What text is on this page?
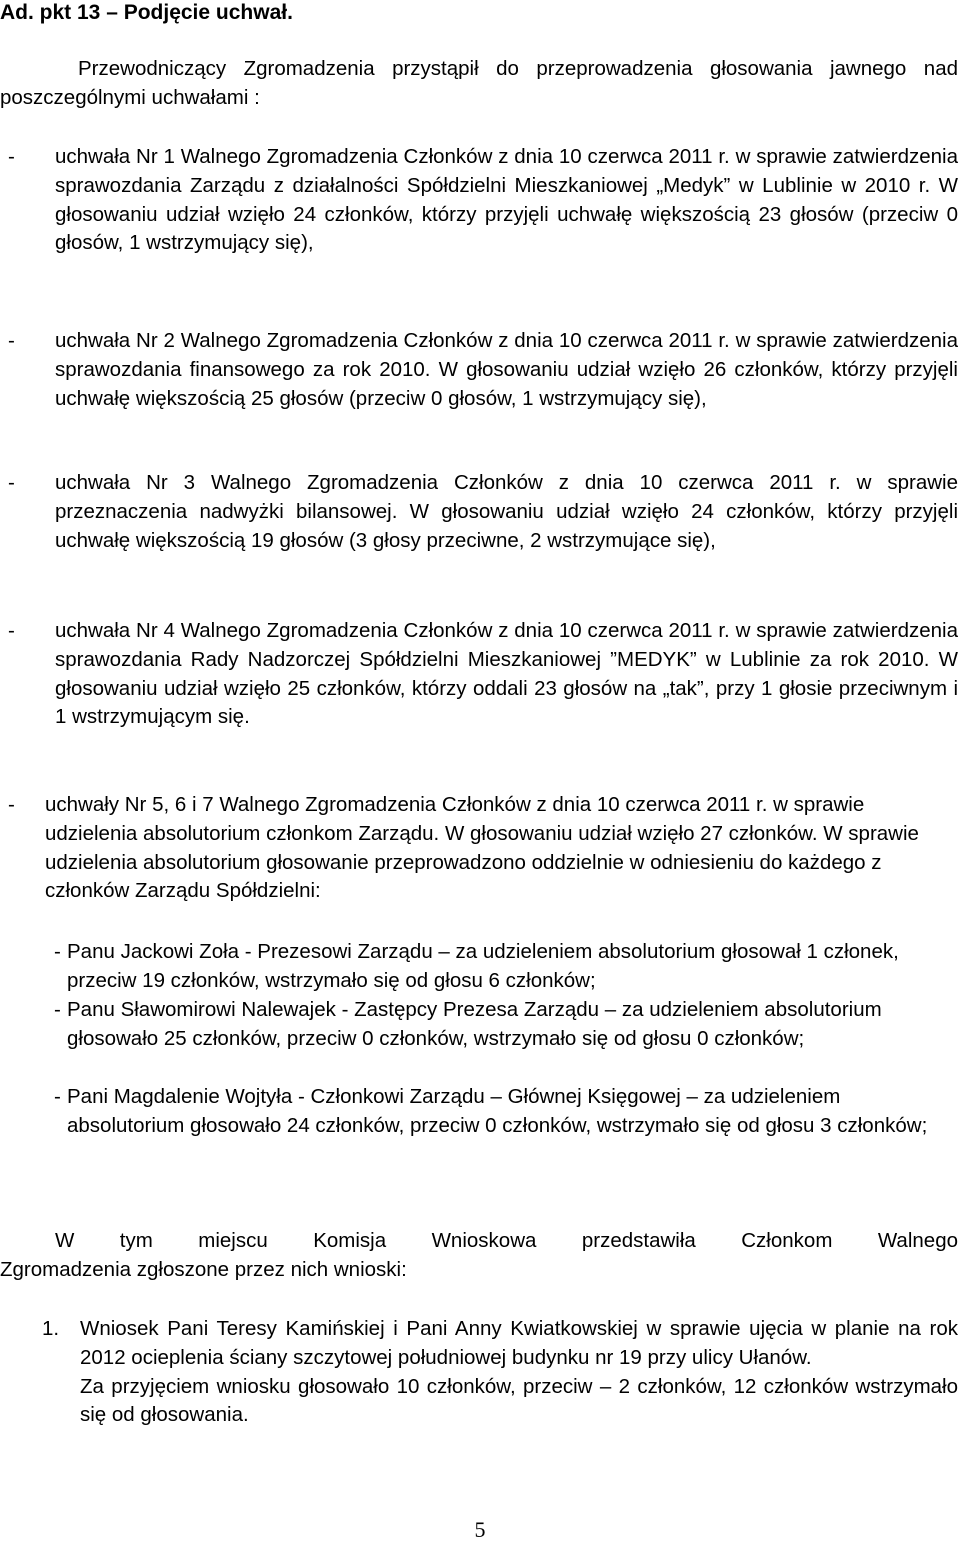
Ad. pkt 13 – Podjęcie uchwał.
Przewodniczący Zgromadzenia przystąpił do przeprowadzenia głosowania jawnego nad poszczególnymi uchwałami :
- uchwała Nr 1 Walnego Zgromadzenia Członków z dnia 10 czerwca 2011 r. w sprawie zatwierdzenia sprawozdania Zarządu z działalności Spółdzielni Mieszkaniowej „Medyk” w Lublinie w 2010 r. W głosowaniu udział wzięło 24 członków, którzy przyjęli uchwałę większością 23 głosów (przeciw 0 głosów, 1 wstrzymujący się),
- uchwała Nr 2 Walnego Zgromadzenia Członków z dnia 10 czerwca 2011 r. w sprawie zatwierdzenia sprawozdania finansowego za rok 2010. W głosowaniu udział wzięło 26 członków, którzy przyjęli uchwałę większością 25 głosów (przeciw 0 głosów, 1 wstrzymujący się),
- uchwała Nr 3 Walnego Zgromadzenia Członków z dnia 10 czerwca 2011 r. w sprawie przeznaczenia nadwyżki bilansowej. W głosowaniu udział wzięło 24 członków, którzy przyjęli uchwałę większością 19 głosów (3 głosy przeciwne, 2 wstrzymujące się),
- uchwała Nr 4 Walnego Zgromadzenia Członków z dnia 10 czerwca 2011 r. w sprawie zatwierdzenia sprawozdania Rady Nadzorczej Spółdzielni Mieszkaniowej ”MEDYK” w Lublinie za rok 2010. W głosowaniu udział wzięło 25 członków, którzy oddali 23 głosów na „tak”, przy 1 głosie przeciwnym i 1 wstrzymującym się.
- uchwały Nr 5, 6 i 7 Walnego Zgromadzenia Członków z dnia 10 czerwca 2011 r. w sprawie udzielenia absolutorium członkom Zarządu. W głosowaniu udział wzięło 27 członków. W sprawie udzielenia absolutorium głosowanie przeprowadzono oddzielnie w odniesieniu do każdego z członków Zarządu Spółdzielni:
- Panu Jackowi Zoła - Prezesowi Zarządu – za udzieleniem absolutorium głosował 1 członek, przeciw 19 członków, wstrzymało się od głosu 6 członków;
- Panu Sławomirowi Nalewajek - Zastępcy Prezesa Zarządu – za udzieleniem absolutorium głosowało 25 członków, przeciw 0 członków, wstrzymało się od głosu 0 członków;
- Pani Magdalenie Wojtyła - Członkowi Zarządu – Głównej Księgowej – za udzieleniem absolutorium głosowało 24 członków, przeciw 0 członków, wstrzymało się od głosu 3 członków;
W tym miejscu Komisja Wnioskowa przedstawiła Członkom Walnego
Zgromadzenia zgłoszone przez nich wnioski:
1. Wniosek Pani Teresy Kamińskiej i Pani Anny Kwiatkowskiej w sprawie ujęcia w planie na rok 2012 ocieplenia ściany szczytowej południowej budynku nr 19 przy ulicy Ułanów.
Za przyjęciem wniosku głosowało 10 członków, przeciw – 2 członków, 12 członków wstrzymało się od głosowania.
5
